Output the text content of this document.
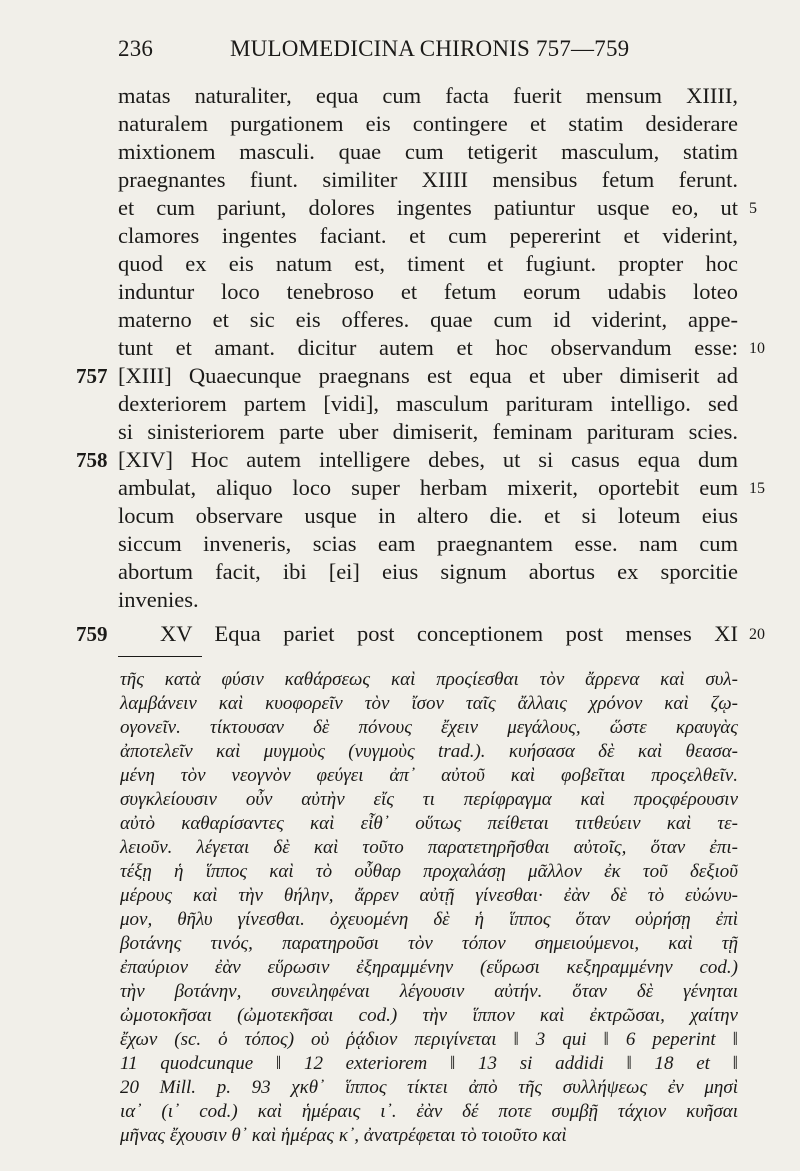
236	MULOMEDICINA CHIRONIS 757—759
matas naturaliter, equa cum facta fuerit mensum XIIII,
naturalem purgationem eis contingere et statim desiderare
mixtionem masculi. quae cum tetigerit masculum, statim
praegnantes fiunt. similiter XIIII mensibus fetum ferunt.
et cum pariunt, dolores ingentes patiuntur usque eo, ut
clamores ingentes faciant. et cum pepererint et viderint,
quod ex eis natum est, timent et fugiunt. propter hoc
induntur loco tenebroso et fetum eorum udabis loteo
materno et sic eis offeres. quae cum id viderint, appe-
tunt et amant. dicitur autem et hoc observandum esse:
[XIII] Quaecunque praegnans est equa et uber dimiserit ad
dexteriorem partem [vidi], masculum parituram intelligo. sed
si sinisteriorem parte uber dimiserit, feminam parituram scies.
[XIV] Hoc autem intelligere debes, ut si casus equa dum
ambulat, aliquo loco super herbam mixerit, oportebit eum
locum observare usque in altero die. et si loteum eius
siccum inveneris, scias eam praegnantem esse. nam cum
abortum facit, ibi [ei] eius signum abortus ex sporcitie
invenies.
XV Equa pariet post conceptionem post menses XI
757
758
759
5
10
15
20
τῆς κατὰ φύσιν καθάρσεως καὶ προςίεσθαι τὸν ἄρρενα καὶ συλ-
λαμβάνειν καὶ κυοφορεῖν τὸν ἴσον ταῖς ἄλλαις χρόνον καὶ ζῳ-
ογονεῖν. τίκτουσαν δὲ πόνους ἔχειν μεγάλους, ὥστε κραυγὰς
ἀποτελεῖν καὶ μυγμοὺς (νυγμοὺς trad.). κυήσασα δὲ καὶ θεασα-
μένη τὸν νεογνὸν φεύγει ἀπ᾽ αὐτοῦ καὶ φοβεῖται προςελθεῖν.
συγκλείουσιν οὖν αὐτὴν εἴς τι περίφραγμα καὶ προςφέρουσιν
αὐτὸ καθαρίσαντες καὶ εἶθ᾽ οὕτως πείθεται τιτθεύειν καὶ τε-
λειοῦν. λέγεται δὲ καὶ τοῦτο παρατετηρῆσθαι αὐτοῖς, ὅταν ἐπι-
τέξῃ ἡ ἵππος καὶ τὸ οὖθαρ προχαλάσῃ μᾶλλον ἐκ τοῦ δεξιοῦ
μέρους καὶ τὴν θήλην, ἄρρεν αὐτῇ γίνεσθαι· ἐὰν δὲ τὸ εὐώνυ-
μον, θῆλυ γίνεσθαι. ὀχευομένη δὲ ἡ ἵππος ὅταν οὐρήσῃ ἐπὶ
βοτάνης τινός, παρατηροῦσι τὸν τόπον σημειούμενοι, καὶ τῇ
ἐπαύριον ἐὰν εὕρωσιν ἐξηραμμένην (εὕρωσι κεξηραμμένην cod.)
τὴν βοτάνην, συνειληφέναι λέγουσιν αὐτήν. ὅταν δὲ γένηται
ὠμοτοκῆσαι (ὠμοτεκῆσαι cod.) τὴν ἵππον καὶ ἐκτρῶσαι, χαίτην
ἔχων (sc. ὁ τόπος) οὐ ῥᾴδιον περιγίνεται ‖ 3 qui ‖ 6 peperint ‖
11 quodcunque ‖ 12 exteriorem ‖ 13 si addidi ‖ 18 et ‖
20 Mill. p. 93 χκθ᾽ ἵππος τίκτει ἀπὸ τῆς συλλήψεως ἐν μησὶ
ια᾽ (ι᾽ cod.) καὶ ἡμέραις ι᾽. ἐὰν δέ ποτε συμβῇ τάχιον κυῆσαι
μῆνας ἔχουσιν θ᾽ καὶ ἡμέρας κ᾽, ἀνατρέφεται τὸ τοιοῦτο καὶ
